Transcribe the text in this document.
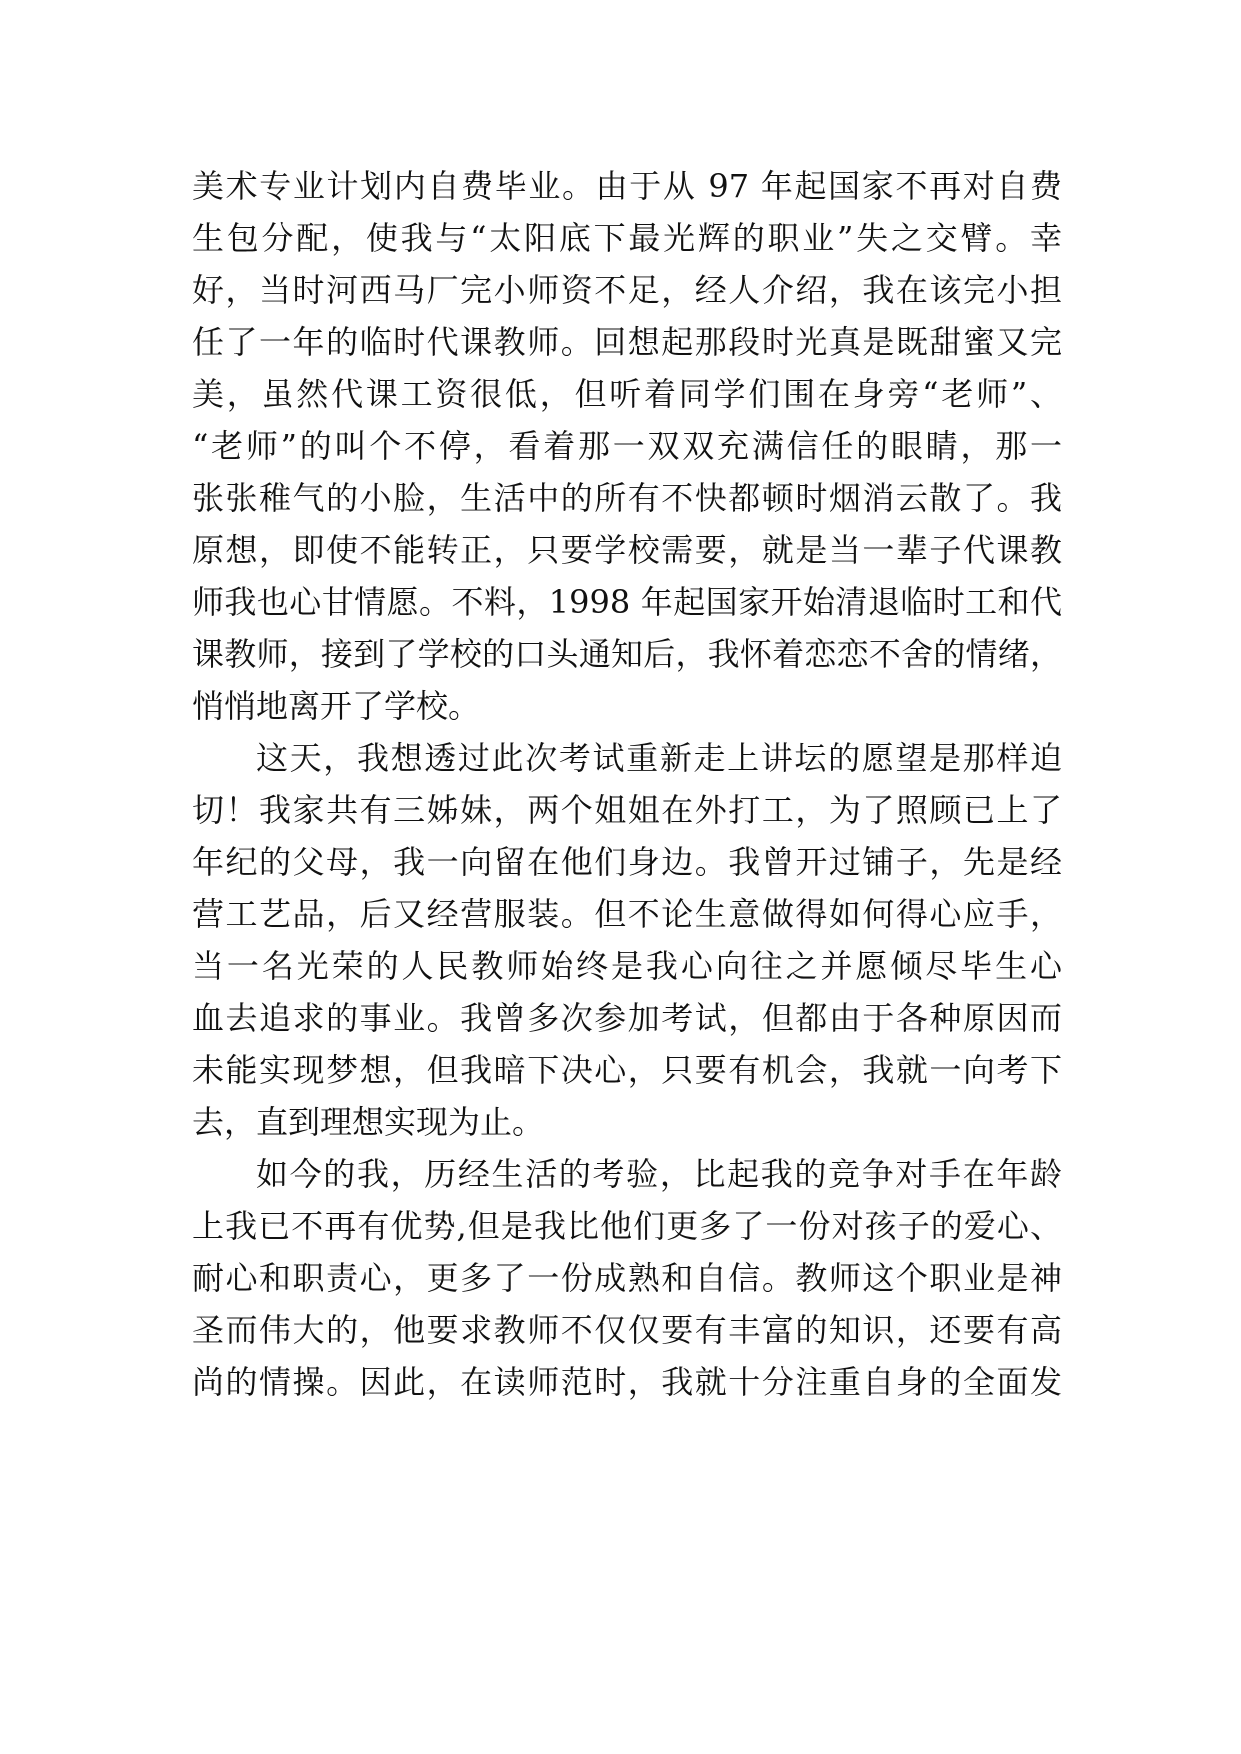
美术专业计划内自费毕业。由于从 97 年起国家不再对自费
生包分配，使我与“太阳底下最光辉的职业”失之交臂。幸
好，当时河西马厂完小师资不足，经人介绍，我在该完小担
任了一年的临时代课教师。回想起那段时光真是既甜蜜又完
美，虽然代课工资很低，但听着同学们围在身旁“老师”、
“老师”的叫个不停，看着那一双双充满信任的眼睛，那一
张张稚气的小脸，生活中的所有不快都顿时烟消云散了。我
原想，即使不能转正，只要学校需要，就是当一辈子代课教
师我也心甘情愿。不料，1998 年起国家开始清退临时工和代
课教师，接到了学校的口头通知后，我怀着恋恋不舍的情绪，
悄悄地离开了学校。
这天，我想透过此次考试重新走上讲坛的愿望是那样迫
切！我家共有三姊妹，两个姐姐在外打工，为了照顾已上了
年纪的父母，我一向留在他们身边。我曾开过铺子，先是经
营工艺品，后又经营服装。但不论生意做得如何得心应手，
当一名光荣的人民教师始终是我心向往之并愿倾尽毕生心
血去追求的事业。我曾多次参加考试，但都由于各种原因而
未能实现梦想，但我暗下决心，只要有机会，我就一向考下
去，直到理想实现为止。
如今的我，历经生活的考验，比起我的竞争对手在年龄
上我已不再有优势,但是我比他们更多了一份对孩子的爱心、
耐心和职责心，更多了一份成熟和自信。教师这个职业是神
圣而伟大的，他要求教师不仅仅要有丰富的知识，还要有高
尚的情操。因此，在读师范时，我就十分注重自身的全面发
